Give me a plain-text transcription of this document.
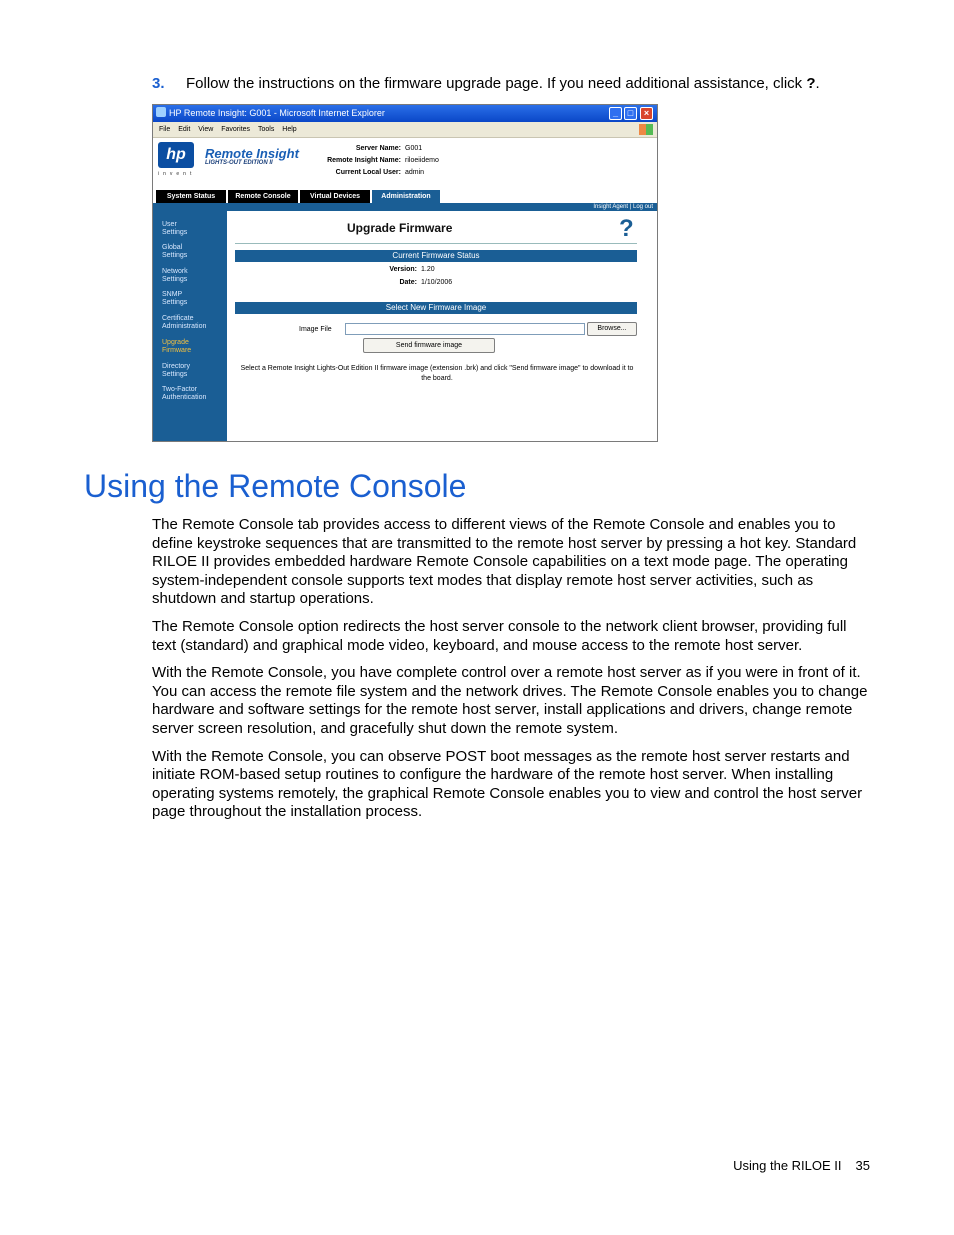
3. Follow the instructions on the firmware upgrade page. If you need additional assistance, click ?.
HP Remote Insight: G001 - Microsoft Internet Explorer	_	□	×
File Edit View Favorites Tools Help
hp	Remote Insight
LIGHTS-OUT EDITION II
invent
Server Name: G001
Remote Insight Name: riloeiidemo
Current Local User: admin
System Status	Remote Console	Virtual Devices	Administration
Insight Agent | Log out
User
Settings
Global
Settings
Network
Settings
SNMP
Settings
Certificate
Administration
Upgrade
Firmware
Directory
Settings
Two-Factor
Authentication
Upgrade Firmware	?
Current Firmware Status
Version: 1.20
Date: 1/10/2006
Select New Firmware Image
Image File	Browse...
Send firmware image
Select a Remote Insight Lights-Out Edition II firmware image (extension .brk) and click "Send firmware image" to download it to the board.
Using the Remote Console

The Remote Console tab provides access to different views of the Remote Console and enables you to define keystroke sequences that are transmitted to the remote host server by pressing a hot key. Standard RILOE II provides embedded hardware Remote Console capabilities on a text mode page. The operating system-independent console supports text modes that display remote host server activities, such as shutdown and startup operations.

The Remote Console option redirects the host server console to the network client browser, providing full text (standard) and graphical mode video, keyboard, and mouse access to the remote host server.

With the Remote Console, you have complete control over a remote host server as if you were in front of it. You can access the remote file system and the network drives. The Remote Console enables you to change hardware and software settings for the remote host server, install applications and drivers, change remote server screen resolution, and gracefully shut down the remote system.

With the Remote Console, you can observe POST boot messages as the remote host server restarts and initiate ROM-based setup routines to configure the hardware of the remote host server. When installing operating systems remotely, the graphical Remote Console enables you to view and control the host server page throughout the installation process.

Using the RILOE II 35
